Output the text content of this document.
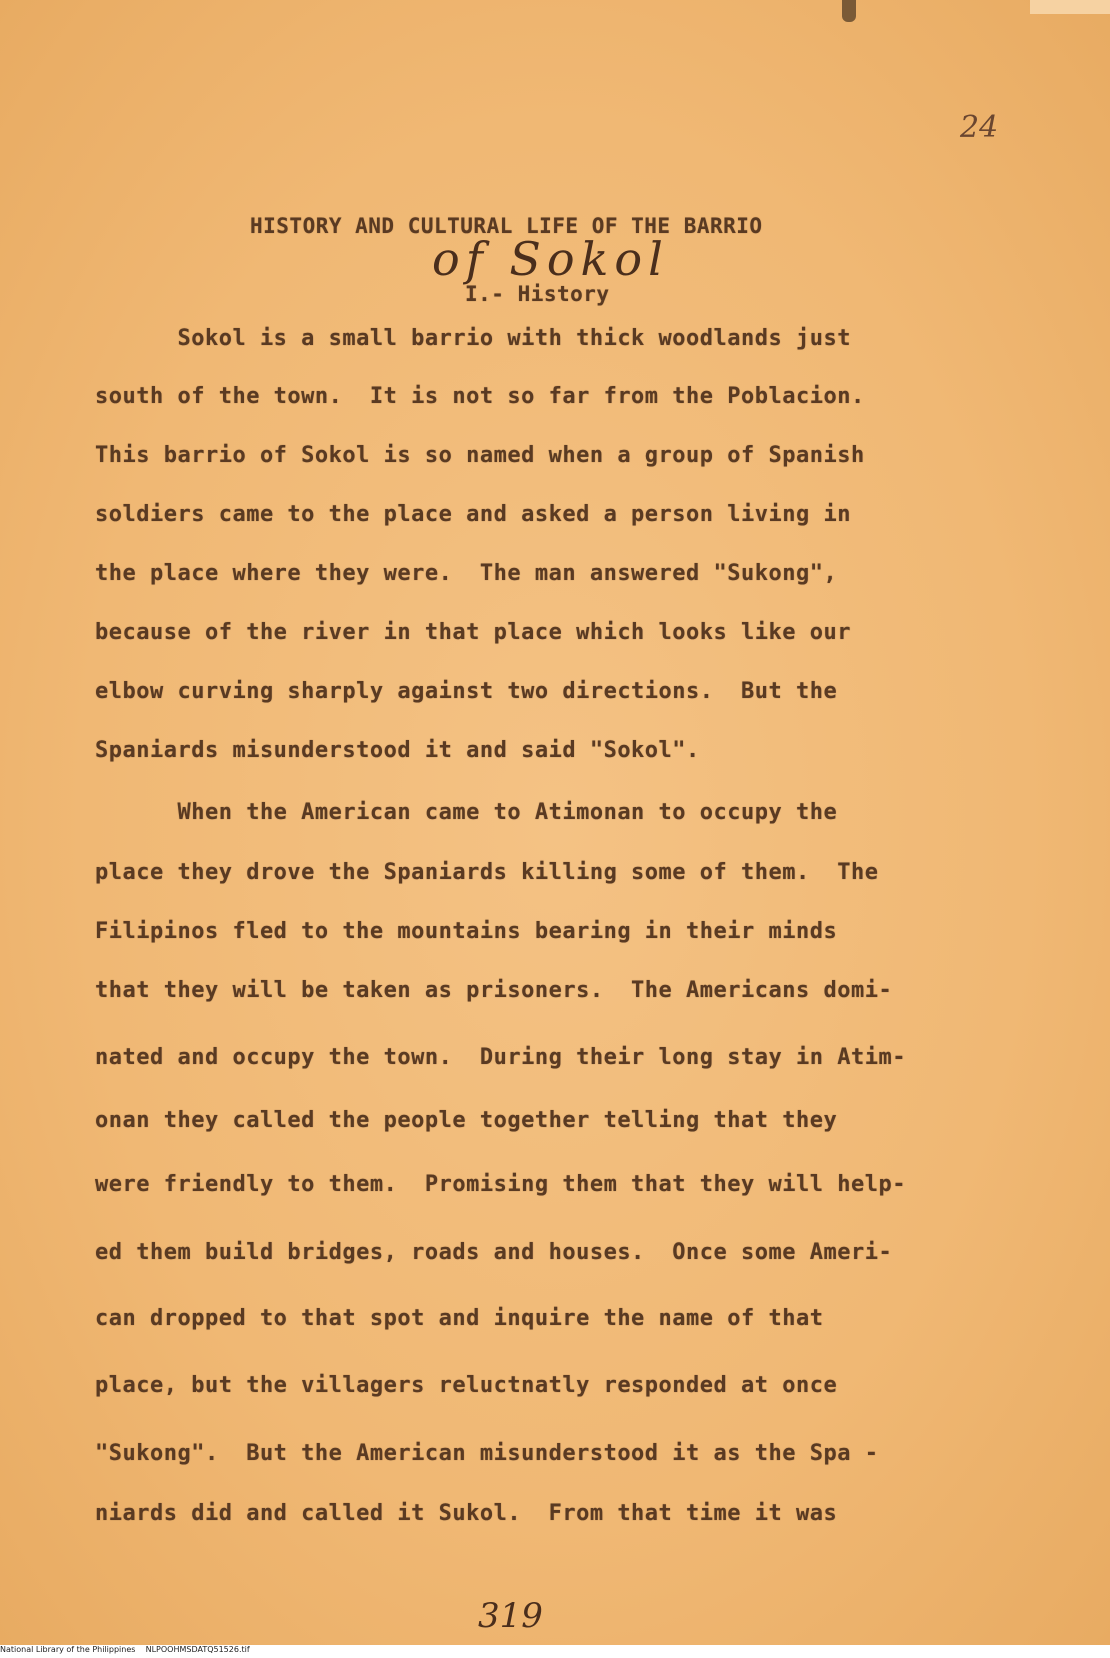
24
HISTORY AND CULTURAL LIFE OF THE BARRIO
of Sokol
I.- History
Sokol is a small barrio with thick woodlands just
south of the town.  It is not so far from the Poblacion.
This barrio of Sokol is so named when a group of Spanish
soldiers came to the place and asked a person living in
the place where they were.  The man answered "Sukong",
because of the river in that place which looks like our
elbow curving sharply against two directions.  But the
Spaniards misunderstood it and said "Sokol".
When the American came to Atimonan to occupy the
place they drove the Spaniards killing some of them.  The
Filipinos fled to the mountains bearing in their minds
that they will be taken as prisoners.  The Americans domi-
nated and occupy the town.  During their long stay in Atim-
onan they called the people together telling that they
were friendly to them.  Promising them that they will help-
ed them build bridges, roads and houses.  Once some Ameri-
can dropped to that spot and inquire the name of that
place, but the villagers reluctnatly responded at once
"Sukong".  But the American misunderstood it as the Spa -
niards did and called it Sukol.  From that time it was
319
National Library of the Philippines    NLPOOHMSDATQ51526.tif
